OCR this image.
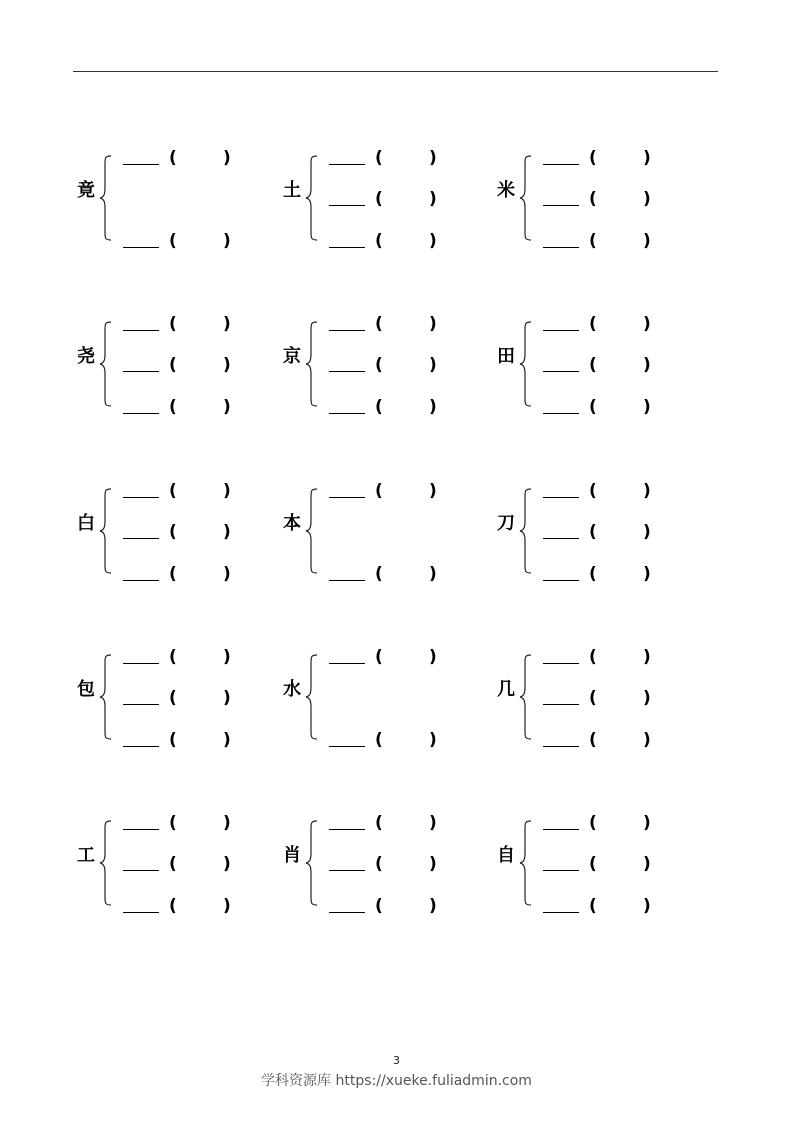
竟
(	)
(	)
土
(	)
(	)
(	)
米
(	)
(	)
(	)
尧
(	)
(	)
(	)
京
(	)
(	)
(	)
田
(	)
(	)
(	)
白
(	)
(	)
(	)
本
(	)
(	)
刀
(	)
(	)
(	)
包
(	)
(	)
(	)
水
(	)
(	)
几
(	)
(	)
(	)
工
(	)
(	)
(	)
肖
(	)
(	)
(	)
自
(	)
(	)
(	)
3
学科资源库 https://xueke.fuliadmin.com
